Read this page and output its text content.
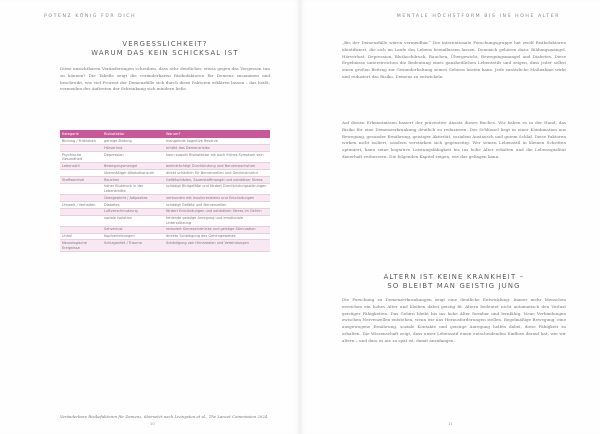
POTENZ KÖNIG FÜR DICH

VERGESSLICHKEIT?

WARUM DAS KEIN SCHICKSAL IST

Diese unsichtbaren Veränderungen schreiben, dass sehr deutlicher, etwas gegen das Vergessen tun zu können? Die Tabelle zeigt die veränderbaren Risikofaktoren für Demenz zusammen und beschreibt, wie viel Prozent der Demenzfälle sich durch diese Faktoren erklären lassen – das heißt, vermeiden der Auftreten der Erkrankung sich mindern ließe.

Kategorie	Risikofaktor	Warum?
Bildung / Frühleben	geringe Bildung	mangelnde kognitive Reserve
	Hörverlust	erhöht das Demenzrisiko
Psychische Gesundheit	Depression	kann sowohl Risikofaktor als auch frühes Symptom sein
Lebensstil	Bewegungsmangel	beeinträchtigt Durchblutung und Nervenwachstum
	übermäßiger Alkoholkonsum	direkt schädlich für Nervenzellen und Gehirnstruktur
Stoffwechsel	Rauchen	Gefäßschäden, Sauerstoffmangel und oxidativer Stress
	hoher Blutdruck in der Lebensmitte	schädigt Blutgefäße und fördert Durchblutungsstörungen
	Übergewicht / Adipositas	verbunden mit Insulinresistenz und Entzündungen
Umwelt / Verhalten	Diabetes	schädigt Gefäße und Nervenzellen
	Luftverschmutzung	fördert Entzündungen und oxidativen Stress im Gehirn
	soziale Isolation	fehlende geistige Anregung und emotionale Unterstützung
	Sehverlust	reduziert Sinneseindrücke und geistige Stimulation
Unfall	Kopfverletzungen	direkte Schädigung des Gehirngewebes
Neurologische Ereignisse	Schlaganfall / Trauma	Schädigung von Hirnarealen und Verbindungen

Veränderbare Risikofaktoren für Demenz, übersetzt nach Livingston et al., The Lancet Commission 2024.

10
MENTALE HÖCHSTFORM BIS INS HOHE ALTER

„Bis der Demenzfälle wären vermeidbar.“ Die internationale Forschungsgruppe hat zwölf Risikofaktoren identifiziert, die sich im Laufe des Lebens beeinflussen lassen. Demnach gehören dazu: Bildungsmangel, Hörverlust, Depression, Bluthochdruck, Rauchen, Übergewicht, Bewegungsmangel und Diabetes. Diese Ergebnisse unterstreichen die Bedeutung eines ganzheitlichen Lebensstils und zeigen, dass jeder selbst einen großen Beitrag zur Gesunderhaltung seines Gehirns leisten kann. Jede zusätzliche Maßnahme wirkt und reduziert das Risiko, Demenz zu entwickeln.

Auf diesen Erkenntnissen basiert der präventive Ansatz dieses Buches. Wir haben es in der Hand, das Risiko für eine Demenzerkrankung deutlich zu reduzieren. Der Schlüssel liegt in einer Kombination aus Bewegung, gesunder Ernährung, geistiger Aktivität, sozialem Austausch und gutem Schlaf. Diese Faktoren wirken nicht isoliert, sondern verstärken sich gegenseitig. Wer seinen Lebensstil in kleinen Schritten optimiert, kann seine kognitive Leistungsfähigkeit bis ins hohe Alter erhalten und die Lebensqualität dauerhaft verbessern. Die folgenden Kapitel zeigen, wie das gelingen kann.

ALTERN IST KEINE KRANKHEIT –

SO BLEIBT MAN GEISTIG JUNG

Die Forschung zu Demenzerkrankungen zeigt eine deutliche Entwicklung: Immer mehr Menschen erreichen ein hohes Alter und bleiben dabei geistig fit. Altern bedeutet nicht automatisch den Verlust geistiger Fähigkeiten. Das Gehirn bleibt bis ins hohe Alter formbar und lernfähig. Neue Verbindungen zwischen Nervenzellen entstehen, wenn wir uns Herausforderungen stellen. Regelmäßige Bewegung, eine ausgewogene Ernährung, soziale Kontakte und geistige Anregung helfen dabei, diese Fähigkeit zu erhalten. Die Wissenschaft zeigt, dass unser Lebensstil einen entscheidenden Einfluss darauf hat, wie wir altern – und dass es nie zu spät ist, damit anzufangen.

11
